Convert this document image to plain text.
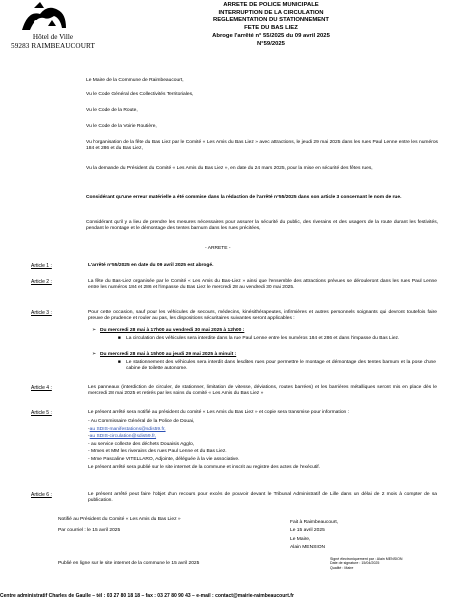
Hôtel de Ville
59283 RAIMBEAUCOURT
ARRETE DE POLICE MUNICIPALE
INTERRUPTION DE LA CIRCULATION
REGLEMENTATION DU STATIONNEMENT
FETE DU BAS LIEZ
Abroge l'arrêté n° 55/2025 du 09 avril 2025
N°59/2025
Le Maire de la Commune de Raimbeaucourt,
Vu le Code Général des Collectivités Territoriales,
Vu le Code de la Route,
Vu le Code de la Voirie Routière,
Vu l'organisation de la fête du Bas Liez par le Comité « Les Amis du Bas Liez » avec attractions, le jeudi 29 mai 2025 dans les rues Paul Lenne entre les numéros 184 et 286 et du Bas Liez,
Vu la demande du Président du Comité « Les Amis du Bas Liez », en date du 24 mars 2025, pour la mise en sécurité des fêtes rues,
Considérant qu'une erreur matérielle a été commise dans la rédaction de l'arrêté n°55/2025 dans son article 3 concernant le nom de rue.
Considérant qu'il y a lieu de prendre les mesures nécessaires pour assurer la sécurité du public, des riverains et des usagers de la route durant les festivités, pendant le montage et le démontage des tentes barnum dans les rues précitées,
- ARRETE -
Article 1 :	L'arrêté n°55/2025 en date du 09 avril 2025 est abrogé.
Article 2 :	La fête du Bas-Liez organisée par le Comité « Les Amis du Bas-Liez » ainsi que l'ensemble des attractions prévues se dérouleront dans les rues Paul Lenne entre les numéros 184 et 286 et l'impasse du Bas Liez le mercredi 28 au vendredi 30 mai 2025.
Article 3 :	Pour cette occasion, sauf pour les véhicules de secours, médecins, kinésithérapeutes, infirmières et autres personnels soignants qui devront toutefois faire preuve de prudence et rouler au pas, les dispositions sécuritaires suivantes seront applicables :
➢ Du mercredi 28 mai à 17h00 au vendredi 30 mai 2025 à 12h00 :
■ La circulation des véhicules sera interdite dans la rue Paul Lenne entre les numéros 184 et 286 et dans l'impasse du Bas Liez.
➢ Du mercredi 28 mai à 15h00 au jeudi 29 mai 2025 à minuit :
■ Le stationnement des véhicules sera interdit dans lesdites rues pour permettre le montage et démontage des tentes barnum et la pose d'une cabine de toilette autonome.
Article 4 :	Les panneaux (interdiction de circuler, de stationner, limitation de vitesse, déviations, routes barrées) et les barrières métalliques seront mis en place dès le mercredi 28 mai 2025 et retirés par les soins du comité « Les Amis du Bas Liez »
Article 5 :	Le présent arrêté sera notifié au président du comité « Les Amis du Bas Liez » et copie sera transmise pour information :
- Au Commissaire Général de la Police de Douai,
- au SDIS-manifestations@sdis59.fr,
- au SDIS-circulation@sdis59.fr,
- au service collecte des déchets Douaisis Agglo,
- Mmes et MM les riverains des rues Paul Lenne et du Bas Liez.
- Mme Pascaline VITELLARO, Adjointe, déléguée à la vie associative.
Le présent arrêté sera publié sur le site internet de la commune et inscrit au registre des actes de l'exécutif.
Article 6 :	Le présent arrêté peut faire l'objet d'un recours pour excès de pouvoir devant le Tribunal Administratif de Lille dans un délai de 2 mois à compter de sa publication.
Notifié au Président du Comité « Les Amis du Bas Liez »
Par courriel : le 15 avril 2025
Publié en ligne sur le site internet de la commune le 15 avril 2025
Fait à Raimbeaucourt,
Le 15 avril 2025
Le Maire,
Alain MENSION
Signé électroniquement par : Alain MENSION
Date de signature : 15/04/2025
Qualité : Maire
Centre administratif Charles de Gaulle – tél : 03 27 80 18 18 – fax : 03 27 80 90 43 – e-mail : contact@mairie-raimbeaucourt.fr
